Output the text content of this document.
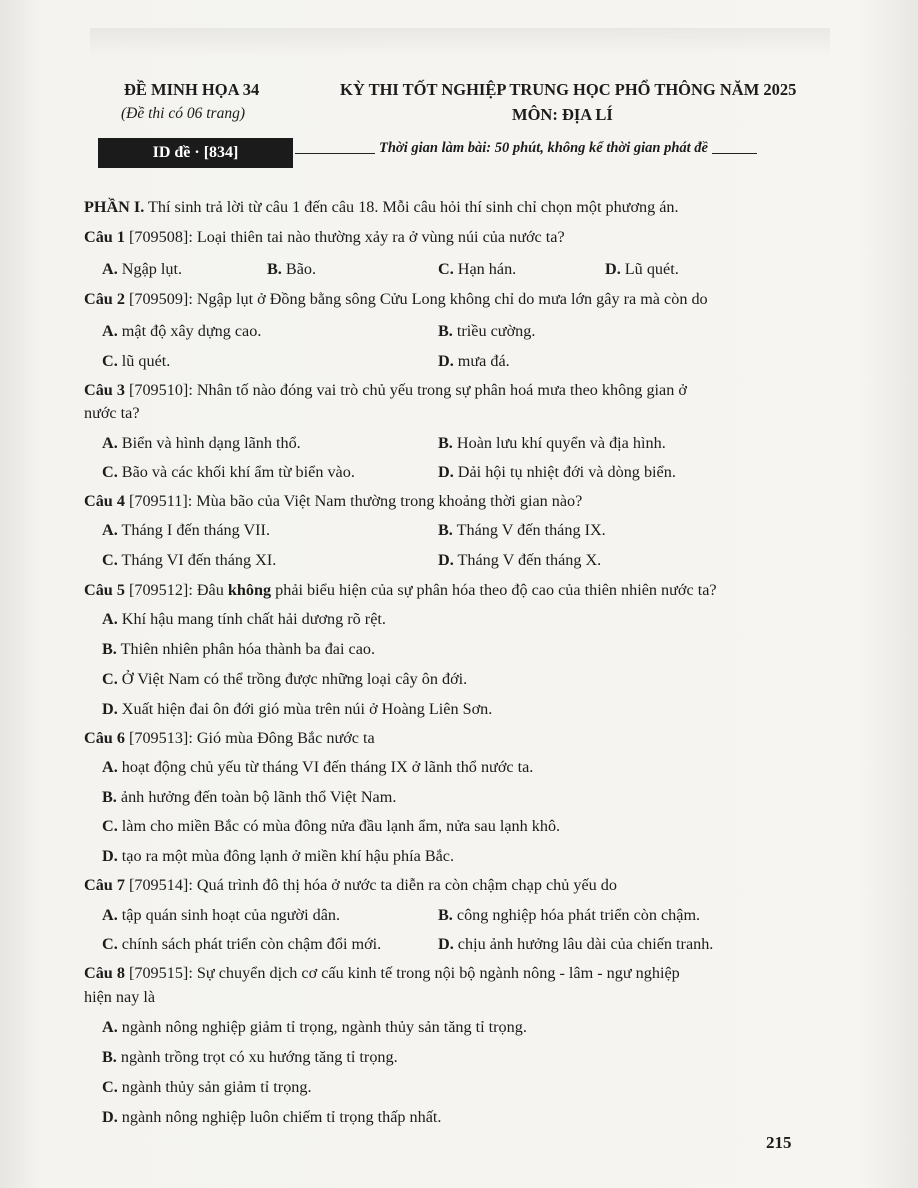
ĐỀ MINH HỌA 34
(Đề thi có 06 trang)
KỲ THI TỐT NGHIỆP TRUNG HỌC PHỔ THÔNG NĂM 2025
MÔN: ĐỊA LÍ
ID đề · [834]	Thời gian làm bài: 50 phút, không kể thời gian phát đề
PHẦN I. Thí sinh trả lời từ câu 1 đến câu 18. Mỗi câu hỏi thí sinh chỉ chọn một phương án.
Câu 1 [709508]: Loại thiên tai nào thường xảy ra ở vùng núi của nước ta?
A. Ngập lụt.	B. Bão.	C. Hạn hán.	D. Lũ quét.
Câu 2 [709509]: Ngập lụt ở Đồng bằng sông Cửu Long không chỉ do mưa lớn gây ra mà còn do
A. mật độ xây dựng cao.	B. triều cường.
C. lũ quét.	D. mưa đá.
Câu 3 [709510]: Nhân tố nào đóng vai trò chủ yếu trong sự phân hoá mưa theo không gian ở
nước ta?
A. Biển và hình dạng lãnh thổ.	B. Hoàn lưu khí quyển và địa hình.
C. Bão và các khối khí ẩm từ biển vào.	D. Dải hội tụ nhiệt đới và dòng biển.
Câu 4 [709511]: Mùa bão của Việt Nam thường trong khoảng thời gian nào?
A. Tháng I đến tháng VII.	B. Tháng V đến tháng IX.
C. Tháng VI đến tháng XI.	D. Tháng V đến tháng X.
Câu 5 [709512]: Đâu không phải biểu hiện của sự phân hóa theo độ cao của thiên nhiên nước ta?
A. Khí hậu mang tính chất hải dương rõ rệt.
B. Thiên nhiên phân hóa thành ba đai cao.
C. Ở Việt Nam có thể trồng được những loại cây ôn đới.
D. Xuất hiện đai ôn đới gió mùa trên núi ở Hoàng Liên Sơn.
Câu 6 [709513]: Gió mùa Đông Bắc nước ta
A. hoạt động chủ yếu từ tháng VI đến tháng IX ở lãnh thổ nước ta.
B. ảnh hưởng đến toàn bộ lãnh thổ Việt Nam.
C. làm cho miền Bắc có mùa đông nửa đầu lạnh ẩm, nửa sau lạnh khô.
D. tạo ra một mùa đông lạnh ở miền khí hậu phía Bắc.
Câu 7 [709514]: Quá trình đô thị hóa ở nước ta diễn ra còn chậm chạp chủ yếu do
A. tập quán sinh hoạt của người dân.	B. công nghiệp hóa phát triển còn chậm.
C. chính sách phát triển còn chậm đổi mới.	D. chịu ảnh hưởng lâu dài của chiến tranh.
Câu 8 [709515]: Sự chuyển dịch cơ cấu kinh tế trong nội bộ ngành nông - lâm - ngư nghiệp
hiện nay là
A. ngành nông nghiệp giảm tỉ trọng, ngành thủy sản tăng tỉ trọng.
B. ngành trồng trọt có xu hướng tăng tỉ trọng.
C. ngành thủy sản giảm tỉ trọng.
D. ngành nông nghiệp luôn chiếm tỉ trọng thấp nhất.
215
